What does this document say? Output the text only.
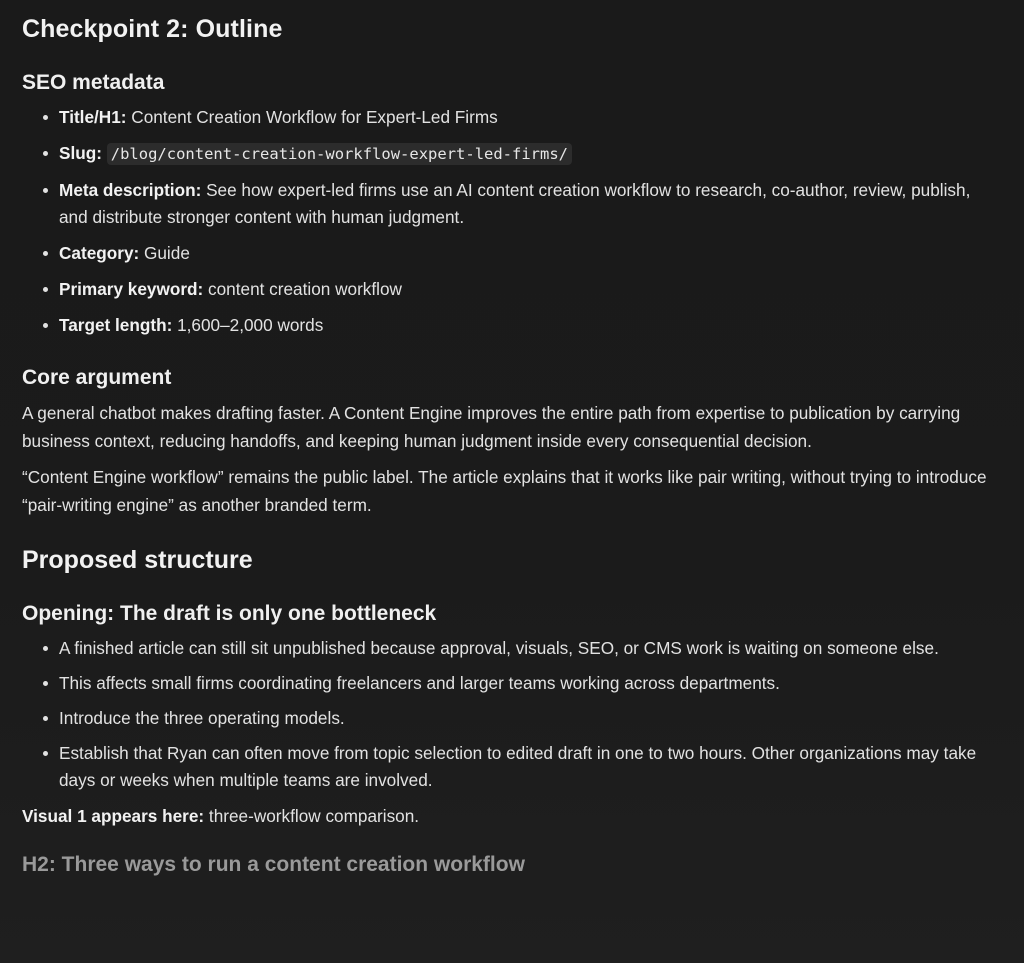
Checkpoint 2: Outline
SEO metadata
Title/H1: Content Creation Workflow for Expert-Led Firms
Slug: /blog/content-creation-workflow-expert-led-firms/
Meta description: See how expert-led firms use an AI content creation workflow to research, co-author, review, publish, and distribute stronger content with human judgment.
Category: Guide
Primary keyword: content creation workflow
Target length: 1,600–2,000 words
Core argument

A general chatbot makes drafting faster. A Content Engine improves the entire path from expertise to publication by carrying business context, reducing handoffs, and keeping human judgment inside every consequential decision.

“Content Engine workflow” remains the public label. The article explains that it works like pair writing, without trying to introduce “pair-writing engine” as another branded term.

Proposed structure
Opening: The draft is only one bottleneck
A finished article can still sit unpublished because approval, visuals, SEO, or CMS work is waiting on someone else.
This affects small firms coordinating freelancers and larger teams working across departments.
Introduce the three operating models.
Establish that Ryan can often move from topic selection to edited draft in one to two hours. Other organizations may take days or weeks when multiple teams are involved.

Visual 1 appears here: three-workflow comparison.

H2: Three ways to run a content creation workflow
